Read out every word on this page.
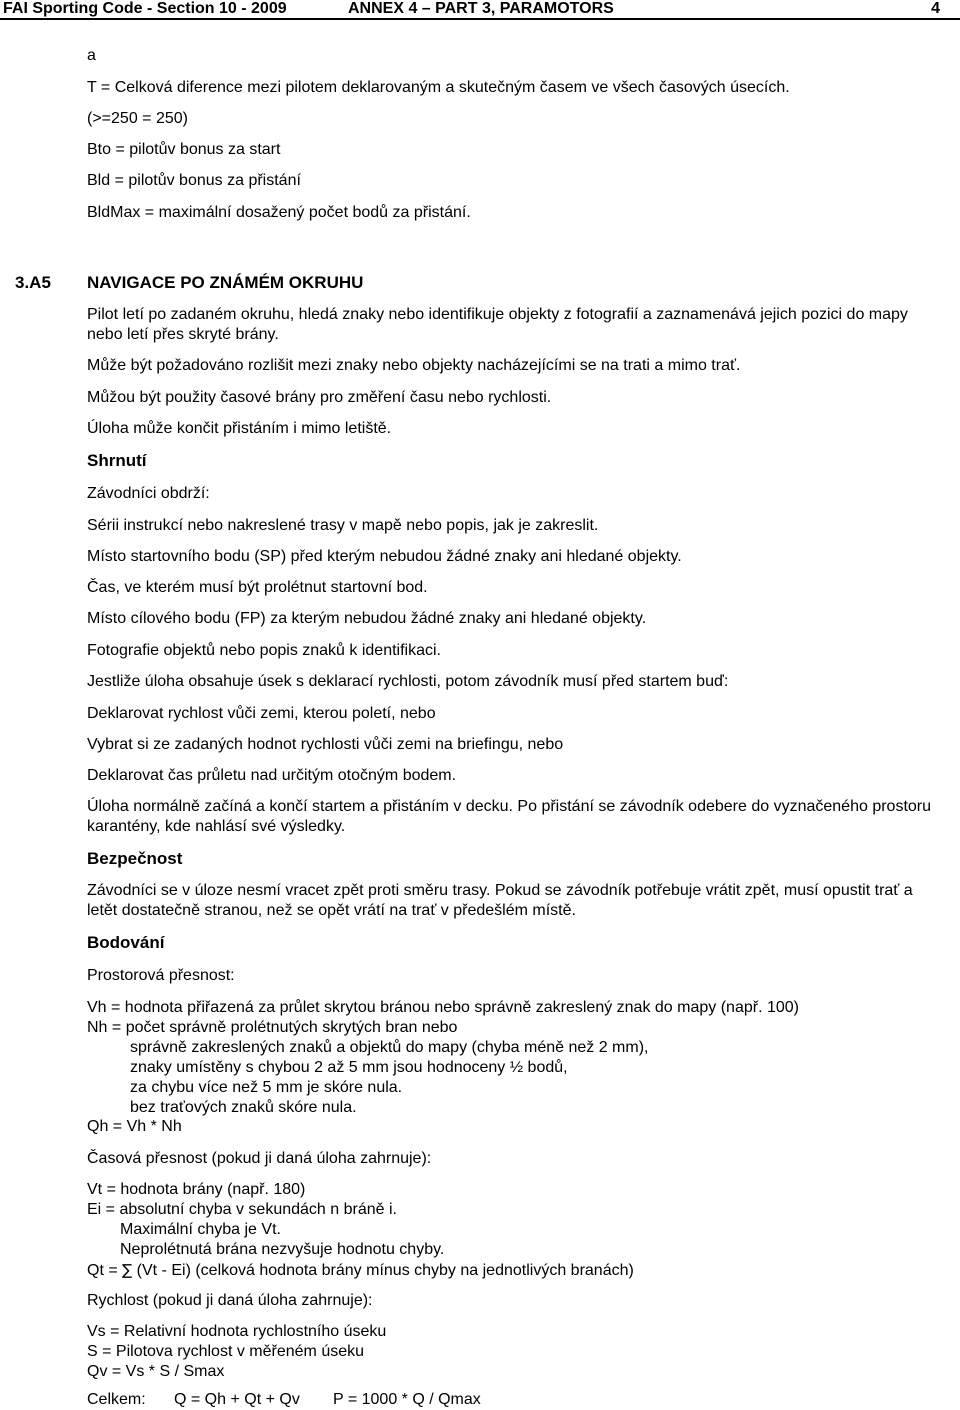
FAI Sporting Code - Section 10 - 2009	ANNEX 4 – PART 3, PARAMOTORS	4
a
T = Celková diference mezi pilotem deklarovaným a skutečným časem ve všech časových úsecích.
(>=250 = 250)
Bto = pilotův bonus za start
Bld = pilotův bonus za přistání
BldMax = maximální dosažený počet bodů za přistání.
3.A5 NAVIGACE PO ZNÁMÉM OKRUHU
Pilot letí po zadaném okruhu, hledá znaky nebo identifikuje objekty z fotografií a zaznamenává jejich pozici do mapy nebo letí přes skryté brány.
Může být požadováno rozlišit mezi znaky nebo objekty nacházejícími se na trati a mimo trať.
Můžou být použity časové brány pro změření času nebo rychlosti.
Úloha může končit přistáním i mimo letiště.
Shrnutí
Závodníci obdrží:
Sérii instrukcí nebo nakreslené trasy v mapě nebo popis, jak je zakreslit.
Místo startovního bodu (SP) před kterým nebudou žádné znaky ani hledané objekty.
Čas, ve kterém musí být prolétnut startovní bod.
Místo cílového bodu (FP) za kterým nebudou žádné znaky ani hledané objekty.
Fotografie objektů nebo popis znaků k identifikaci.
Jestliže úloha obsahuje úsek s deklarací rychlosti, potom závodník musí před startem buď:
Deklarovat rychlost vůči zemi, kterou poletí, nebo
Vybrat si ze zadaných hodnot rychlosti vůči zemi na briefingu, nebo
Deklarovat čas průletu nad určitým otočným bodem.
Úloha normálně začíná a končí startem a přistáním v decku. Po přistání se závodník odebere do vyznačeného prostoru karantény, kde nahlásí své výsledky.
Bezpečnost
Závodníci se v úloze nesmí vracet zpět proti směru trasy. Pokud se závodník potřebuje vrátit zpět, musí opustit trať a letět dostatečně stranou, než se opět vrátí na trať v předešlém místě.
Bodování
Prostorová přesnost:
Vh = hodnota přiřazená za průlet skrytou bránou nebo správně zakreslený znak do mapy (např. 100)
Nh = počet správně prolétnutých skrytých bran nebo
správně zakreslených znaků a objektů do mapy (chyba méně než 2 mm),
znaky umístěny s chybou 2 až 5 mm jsou hodnoceny ½ bodů,
za chybu více než 5 mm je skóre nula.
bez traťových znaků skóre nula.
Qh = Vh * Nh
Časová přesnost (pokud ji daná úloha zahrnuje):
Vt = hodnota brány (např. 180)
Ei = absolutní chyba v sekundách n bráně i.
Maximální chyba je Vt.
Neprolétnutá brána nezvyšuje hodnotu chyby.
Qt = ∑ (Vt - Ei) (celková hodnota brány mínus chyby na jednotlivých branách)
Rychlost (pokud ji daná úloha zahrnuje):
Vs = Relativní hodnota rychlostního úseku
S = Pilotova rychlost v měřeném úseku
Qv = Vs * S / Smax
Celkem: Q = Qh + Qt + Qv P = 1000 * Q / Qmax
